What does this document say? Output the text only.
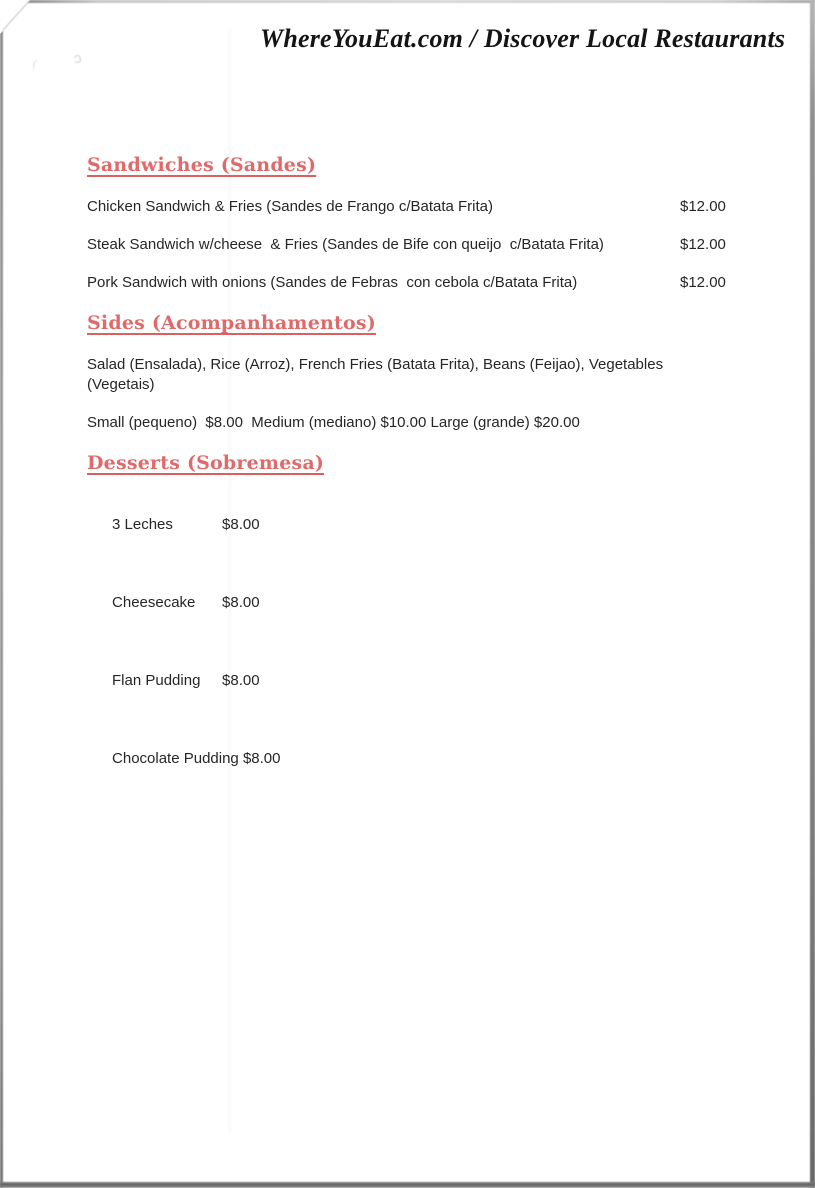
﹙ ɔ
WhereYouEat.com / Discover Local Restaurants
Sandwiches (Sandes)
Chicken Sandwich & Fries (Sandes de Frango c/Batata Frita)	$12.00
Steak Sandwich w/cheese  & Fries (Sandes de Bife con queijo  c/Batata Frita)	$12.00
Pork Sandwich with onions (Sandes de Febras  con cebola c/Batata Frita)	$12.00
Sides (Acompanhamentos)
Salad (Ensalada), Rice (Arroz), French Fries (Batata Frita), Beans (Feijao), Vegetables (Vegetais)
Small (pequeno)  $8.00  Medium (mediano) $10.00 Large (grande) $20.00
Desserts (Sobremesa)

3 Leches	$8.00

Cheesecake $8.00

Flan Pudding $8.00

Chocolate Pudding $8.00
